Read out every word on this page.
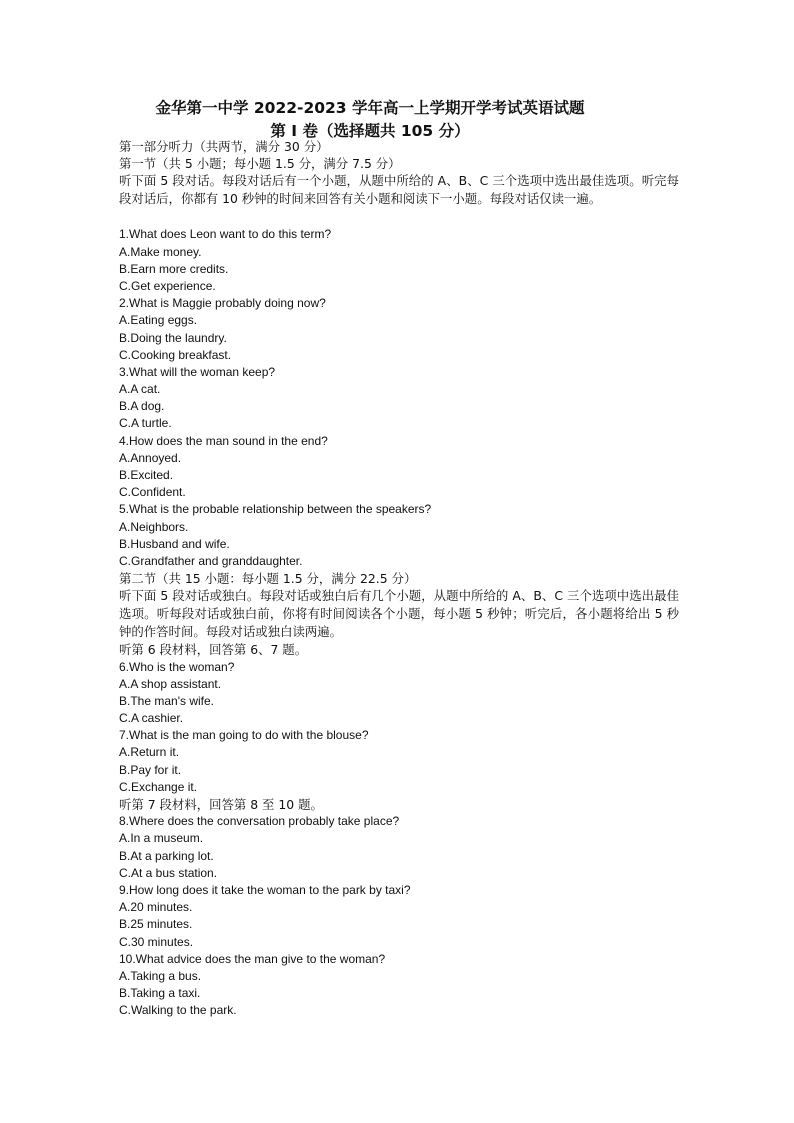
金华第一中学 2022-2023 学年高一上学期开学考试英语试题
第 I 卷（选择题共 105 分）
第一部分听力（共两节，满分 30 分）
第一节（共 5 小题；每小题 1.5 分，满分 7.5 分）
听下面 5 段对话。每段对话后有一个小题，从题中所给的 A、B、C 三个选项中选出最佳选项。听完每段对话后，你都有 10 秒钟的时间来回答有关小题和阅读下一小题。每段对话仅读一遍。
1.What does Leon want to do this term?
A.Make money.
B.Earn more credits.
C.Get experience.
2.What is Maggie probably doing now?
A.Eating eggs.
B.Doing the laundry.
C.Cooking breakfast.
3.What will the woman keep?
A.A cat.
B.A dog.
C.A turtle.
4.How does the man sound in the end?
A.Annoyed.
B.Excited.
C.Confident.
5.What is the probable relationship between the speakers?
A.Neighbors.
B.Husband and wife.
C.Grandfather and granddaughter.
第二节（共 15 小题：每小题 1.5 分，满分 22.5 分）
听下面 5 段对话或独白。每段对话或独白后有几个小题，从题中所给的 A、B、C 三个选项中选出最佳选项。听每段对话或独白前，你将有时间阅读各个小题，每小题 5 秒钟；听完后，各小题将给出 5 秒钟的作答时间。每段对话或独白读两遍。
听第 6 段材料，回答第 6、7 题。
6.Who is the woman?
A.A shop assistant.
B.The man's wife.
C.A cashier.
7.What is the man going to do with the blouse?
A.Return it.
B.Pay for it.
C.Exchange it.
听第 7 段材料，回答第 8 至 10 题。
8.Where does the conversation probably take place?
A.In a museum.
B.At a parking lot.
C.At a bus station.
9.How long does it take the woman to the park by taxi?
A.20 minutes.
B.25 minutes.
C.30 minutes.
10.What advice does the man give to the woman?
A.Taking a bus.
B.Taking a taxi.
C.Walking to the park.
